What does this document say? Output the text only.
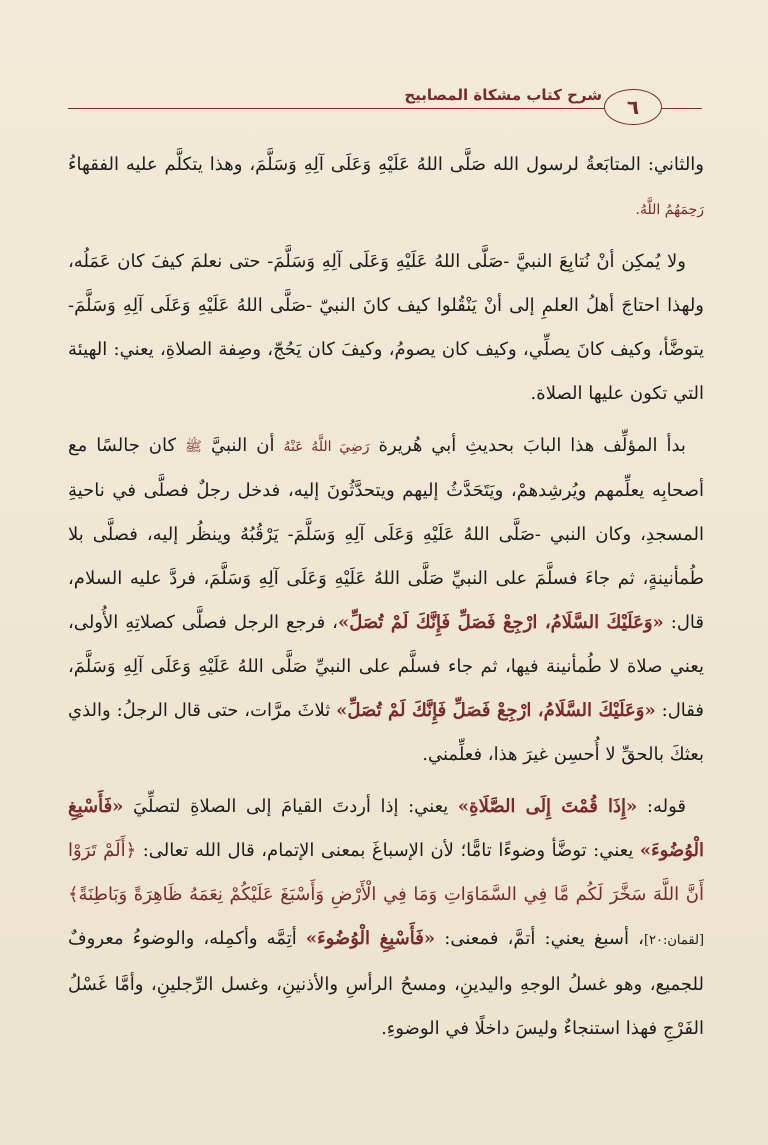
شرح كتاب مشكاة المصابيح ٦

والثاني: المتابَعةُ لرسول الله صَلَّى اللهُ عَلَيْهِ وَعَلَى آلِهِ وَسَلَّمَ، وهذا يتكلَّم عليه الفقهاءُ رَحِمَهُمُ اللَّهُ.

ولا يُمكِن أنْ نُتابِعَ النبيَّ -صَلَّى اللهُ عَلَيْهِ وَعَلَى آلِهِ وَسَلَّمَ- حتى نعلمَ كيفَ كان عَمَلُه، ولهذا احتاجَ أهلُ العلمِ إلى أنْ يَنْقُلوا كيف كانَ النبيّ -صَلَّى اللهُ عَلَيْهِ وَعَلَى آلِهِ وَسَلَّمَ- يتوضَّأ، وكيف كانَ يصلِّي، وكيف كان يصومُ، وكيفَ كان يَحُجّ، وصِفة الصلاةِ، يعني: الهيئة التي تكون عليها الصلاة.

بدأ المؤلِّف هذا البابَ بحديثِ أبي هُريرة رَضِيَ اللَّهُ عَنْهُ أن النبيَّ ﷺ كان جالسًا مع أصحابِه يعلِّمهم ويُرشِدهمْ، ويَتَحَدَّثُ إليهم ويتحدَّثُونَ إليه، فدخل رجلٌ فصلَّى في ناحيةِ المسجدِ، وكان النبي -صَلَّى اللهُ عَلَيْهِ وَعَلَى آلِهِ وَسَلَّمَ- يَرْقُبُهُ وينظُر إليه، فصلَّى بلا طُمأنينةٍ، ثم جاءَ فسلَّمَ على النبيِّ صَلَّى اللهُ عَلَيْهِ وَعَلَى آلِهِ وَسَلَّمَ، فردَّ عليه السلام، قال: «وَعَلَيْكَ السَّلَامُ، ارْجِعْ فَصَلِّ فَإِنَّكَ لَمْ تُصَلِّ»، فرجع الرجل فصلَّى كصلاتِهِ الأُولى، يعني صلاة لا طُمأنينة فيها، ثم جاء فسلَّم على النبيِّ صَلَّى اللهُ عَلَيْهِ وَعَلَى آلِهِ وَسَلَّمَ، فقال: «وَعَلَيْكَ السَّلَامُ، ارْجِعْ فَصَلِّ فَإِنَّكَ لَمْ تُصَلِّ» ثلاثَ مرَّات، حتى قال الرجلُ: والذي بعثكَ بالحقِّ لا أُحسِن غيرَ هذا، فعلِّمني.

قوله: «إِذَا قُمْتَ إِلَى الصَّلَاةِ» يعني: إذا أردتَ القيامَ إلى الصلاةِ لتصلِّيَ «فَأَسْبِغِ الْوُضُوءَ» يعني: توضَّأ وضوءًا تامًّا؛ لأن الإسباغَ بمعنى الإتمام، قال الله تعالى: ﴿أَلَمْ تَرَوْا أَنَّ اللَّهَ سَخَّرَ لَكُم مَّا فِي السَّمَاوَاتِ وَمَا فِي الْأَرْضِ وَأَسْبَغَ عَلَيْكُمْ نِعَمَهُ ظَاهِرَةً وَبَاطِنَةً﴾ [لقمان:٢٠]، أسبغ يعني: أتمَّ، فمعنى: «فَأَسْبِغِ الْوُضُوءَ» أتِمَّه وأكمِله، والوضوءُ معروفٌ للجميع، وهو غسلُ الوجهِ واليدينِ، ومسحُ الرأسِ والأذنينِ، وغسل الرِّجلينِ، وأمَّا غَسْلُ الفَرْجِ فهذا استنجاءٌ وليسَ داخلًا في الوضوءِ.
